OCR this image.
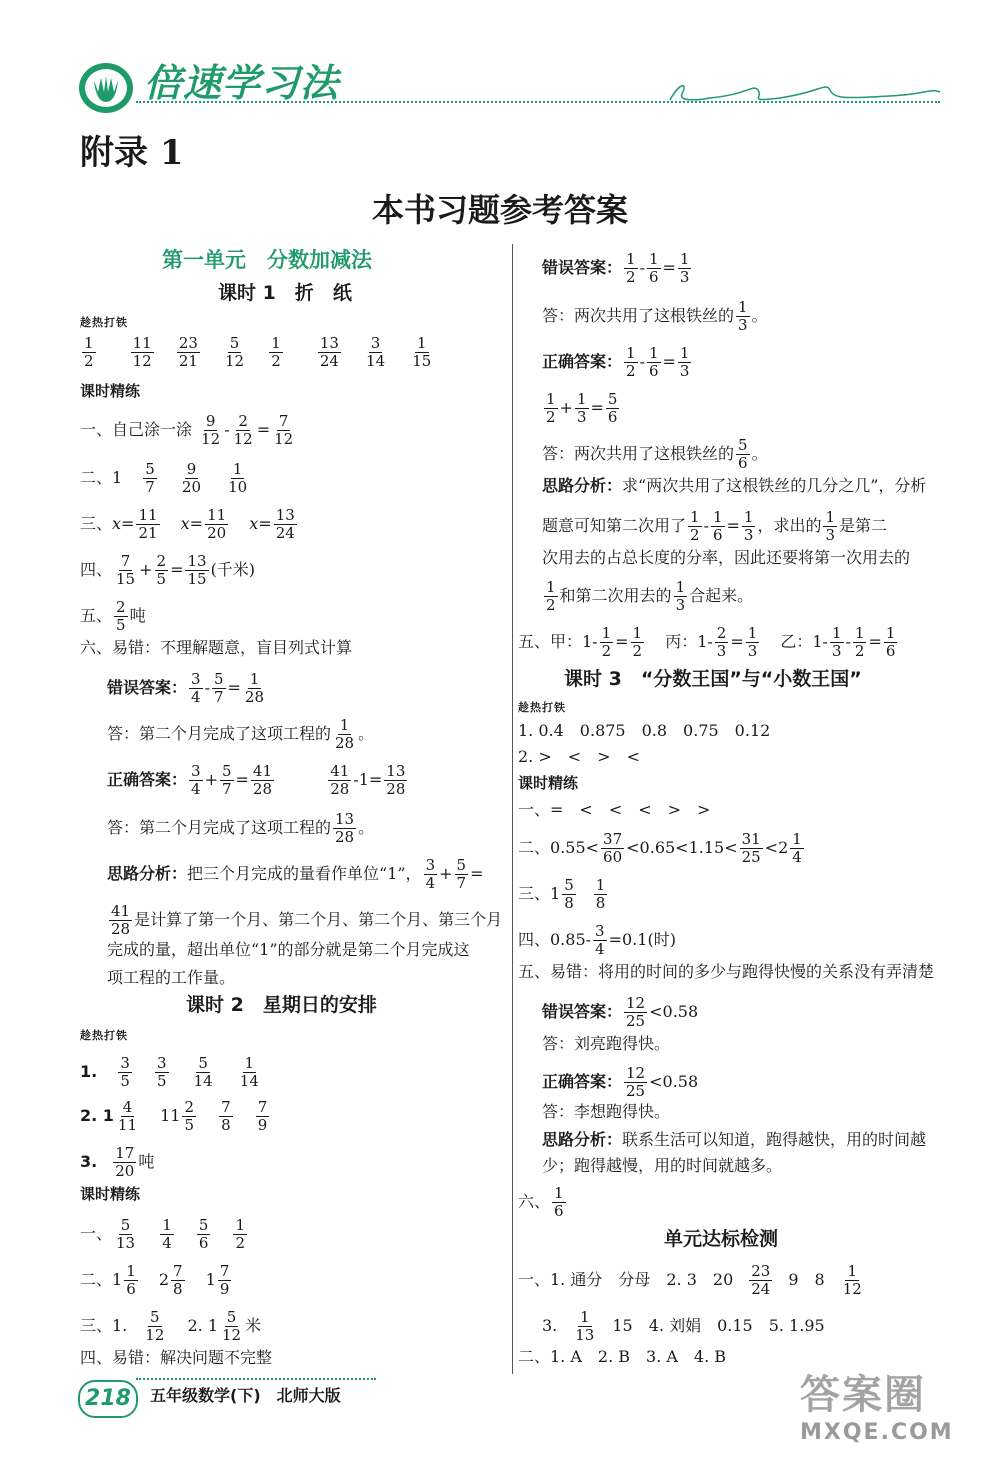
倍速学习法
附录 1
本书习题参考答案
第一单元　分数加减法
课时 1　折　纸
趁热打铁
$\frac{1}{2}$
$\frac{11}{12}$
$\frac{23}{21}$
$\frac{5}{12}$
$\frac{1}{2}$
$\frac{13}{24}$
$\frac{3}{14}$
$\frac{1}{15}$
课时精练
一、自己涂一涂 $\frac{9}{12} - \frac{2}{12} = \frac{7}{12}$
二、$1 \frac{5}{7}$
$\frac{9}{20}$
$\frac{1}{10}$
三、$x= \frac{11}{21} x= \frac{11}{20} x= \frac{13}{24}$
四、 $\frac{7}{15} + \frac{2}{5} = \frac{13}{15}$ (千米)
五、 $\frac{2}{5}$ 吨
六、易错：不理解题意，盲目列式计算
错误答案： $\frac{3}{4} - \frac{5}{7} = \frac{1}{28}$
答：第二个月完成了这项工程的 $\frac{1}{28}$ 。
正确答案： $\frac{3}{4} + \frac{5}{7} = \frac{41}{28}$
	$\frac{41}{28} -1= \frac{13}{28}$
答：第二个月完成了这项工程的 $\frac{13}{28}$ 。
思路分析：把三个月完成的量看作单位“1”， $\frac{3}{4} + \frac{5}{7}$ =
$\frac{41}{28}$ 是计算了第一个月、第二个月、第二个月、第三个月
完成的量，超出单位“1”的部分就是第二个月完成这
项工程的工作量。
课时 2　星期日的安排
趁热打铁
1. $\frac{3}{5}$
$\frac{3}{5}$
$\frac{5}{14}$
$\frac{1}{14}$
2. $1 \frac{4}{11} 11 \frac{2}{5}$
$\frac{7}{8}$
$\frac{7}{9}$
3. $\frac{17}{20}$ 吨
课时精练
一、 $\frac{5}{13}$
$\frac{1}{4}$
$\frac{5}{6}$
$\frac{1}{2}$
二、$1 \frac{1}{6} 2 \frac{7}{8} 1 \frac{7}{9}$
三、1. $\frac{5}{12} 2$. $1 \frac{5}{12}$ 米
四、易错：解决问题不完整
错误答案： $\frac{1}{2} - \frac{1}{6} = \frac{1}{3}$
答：两次共用了这根铁丝的 $\frac{1}{3}$ 。
正确答案： $\frac{1}{2} - \frac{1}{6} = \frac{1}{3}$
$\frac{1}{2} + \frac{1}{3} = \frac{5}{6}$
答：两次共用了这根铁丝的 $\frac{5}{6}$ 。
思路分析：求“两次共用了这根铁丝的几分之几”，分析
题意可知第二次用了 $\frac{1}{2} - \frac{1}{6} = \frac{1}{3}$ ，求出的 $\frac{1}{3}$ 是第二
次用去的占总长度的分率，因此还要将第一次用去的
$\frac{1}{2}$ 和第二次用去的 $\frac{1}{3}$ 合起来。
五、甲：$1- \frac{1}{2} = \frac{1}{2}$ 丙：$1- \frac{2}{3} = \frac{1}{3}$ 乙：$1- \frac{1}{3} - \frac{1}{2} = \frac{1}{6}$
课时 3　“分数王国”与“小数王国”
趁热打铁
1. 0.4　0.875　0.8　0.75　0.12
2. >　<　>　<
课时精练
一、=　<　<　<　>　>
二、$0.55< \frac{37}{60} <0.65<1.15< \frac{31}{25} <2 \frac{1}{4}$
三、$1 \frac{5}{8} \frac{1}{8}$
四、$0.85- \frac{3}{4} =0.1$(时)
五、易错：将用的时间的多少与跑得快慢的关系没有弄清楚
错误答案： $\frac{12}{25} <0.58$
答：刘亮跑得快。
正确答案： $\frac{12}{25} <0.58$
答：李想跑得快。
思路分析：联系生活可以知道，跑得越快，用的时间越
少；跑得越慢，用的时间就越多。
六、 $\frac{1}{6}$
单元达标检测
一、1. 通分　分母　2. 3　$20 \frac{23}{24} 9$　$8 \frac{1}{12}$
3. $\frac{1}{13} 15$　4. 刘娟　0.15　5. 1.95
二、1. A　2. B　3. A　4. B
218	五年级数学(下)　北师大版	答案圈
MXQE.COM
